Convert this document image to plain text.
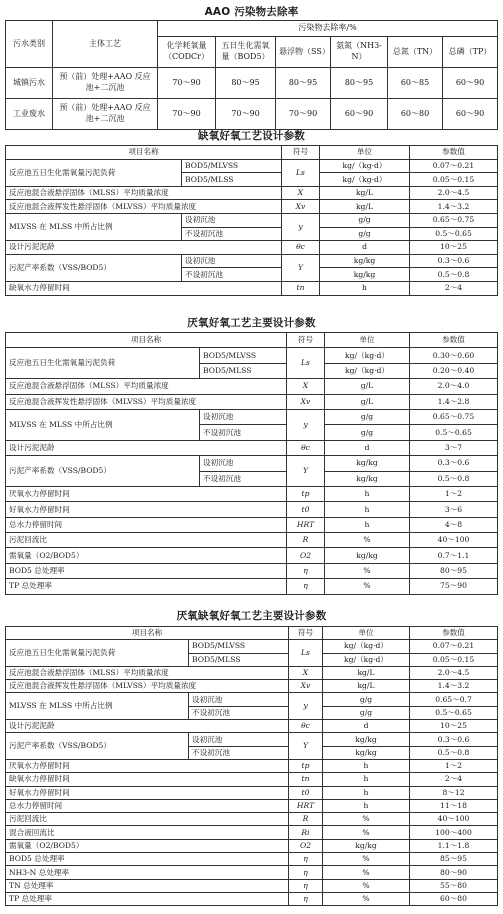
AAO 污染物去除率
污水类别	主体工艺	污染物去除率/%					
		化学耗氧量（CODCr）	五日生化需氧量（BOD5）	悬浮物（SS）	氨氮（NH3-N）	总氮（TN）	总磷（TP）
城镇污水	预（前）处理+AAO 反应池+二沉池	70～90	80～95	80～95	80～95	60～85	60～90
工业废水	预（前）处理+AAO 反应池+二沉池	70～90	70～90	70～90	60～90	60～80	60～90
缺氧好氧工艺设计参数
项目名称		符号	单位	参数值
反应池五日生化需氧量污泥负荷	BOD5/MLVSS	Ls	kg/（kg·d）	0.07～0.21
	BOD5/MLSS		kg/（kg·d）	0.05～0.15
反应池混合液悬浮固体（MLSS）平均质量浓度		X	kg/L	2.0～4.5
反应池混合液挥发性悬浮固体（MLVSS）平均质量浓度		Xv	kg/L	1.4～3.2
MLVSS 在 MLSS 中所占比例	设初沉池	y	g/g	0.65～0.75
	不设初沉池		g/g	0.5～0.65
设计污泥泥龄		θc	d	10～25
污泥产率系数（VSS/BOD5）	设初沉池	Y	kg/kg	0.3～0.6
	不设初沉池		kg/kg	0.5～0.8
缺氧水力停留时间		tn	h	2～4
厌氧好氧工艺主要设计参数
项目名称		符号	单位	参数值
反应池五日生化需氧量污泥负荷	BOD5/MLVSS	Ls	kg/（kg·d）	0.30～0.60
	BOD5/MLSS		kg/（kg·d）	0.20～0.40
反应池混合液悬浮固体（MLSS）平均质量浓度		X	g/L	2.0～4.0
反应池混合液挥发性悬浮固体（MLVSS）平均质量浓度		Xv	g/L	1.4～2.8
MLVSS 在 MLSS 中所占比例	设初沉池	y	g/g	0.65～0.75
	不设初沉池		g/g	0.5～0.65
设计污泥泥龄		θc	d	3～7
污泥产率系数（VSS/BOD5）	设初沉池	Y	kg/kg	0.3～0.6
	不设初沉池		kg/kg	0.5～0.8
厌氧水力停留时间		tp	h	1～2
好氧水力停留时间		t0	h	3～6
总水力停留时间		HRT	h	4～8
污泥回流比		R	%	40～100
需氧量（O2/BOD5）		O2	kg/kg	0.7～1.1
BOD5 总处理率		η	%	80～95
TP 总处理率		η	%	75～90
厌氧缺氧好氧工艺主要设计参数
项目名称		符号	单位	参数值
反应池五日生化需氧量污泥负荷	BOD5/MLVSS	Ls	kg/（kg·d）	0.07～0.21
	BOD5/MLSS		kg/（kg·d）	0.05～0.15
反应池混合液悬浮固体（MLSS）平均质量浓度		X	kg/L	2.0～4.5
反应池混合液挥发性悬浮固体（MLVSS）平均质量浓度		Xv	kg/L	1.4～3.2
MLVSS 在 MLSS 中所占比例	设初沉池	y	g/g	0.65～0.7
	不设初沉池		g/g	0.5～0.65
设计污泥泥龄		θc	d	10～25
污泥产率系数（VSS/BOD5）	设初沉池	Y	kg/kg	0.3～0.6
	不设初沉池		kg/kg	0.5～0.8
厌氧水力停留时间		tp	h	1～2
缺氧水力停留时间		tn	h	2～4
好氧水力停留时间		t0	h	8～12
总水力停留时间		HRT	h	11～18
污泥回流比		R	%	40～100
混合液回流比		Ri	%	100～400
需氧量（O2/BOD5）		O2	kg/kg	1.1～1.8
BOD5 总处理率		η	%	85～95
NH3-N 总处理率		η	%	80～90
TN 总处理率		η	%	55～80
TP 总处理率		η	%	60～80
